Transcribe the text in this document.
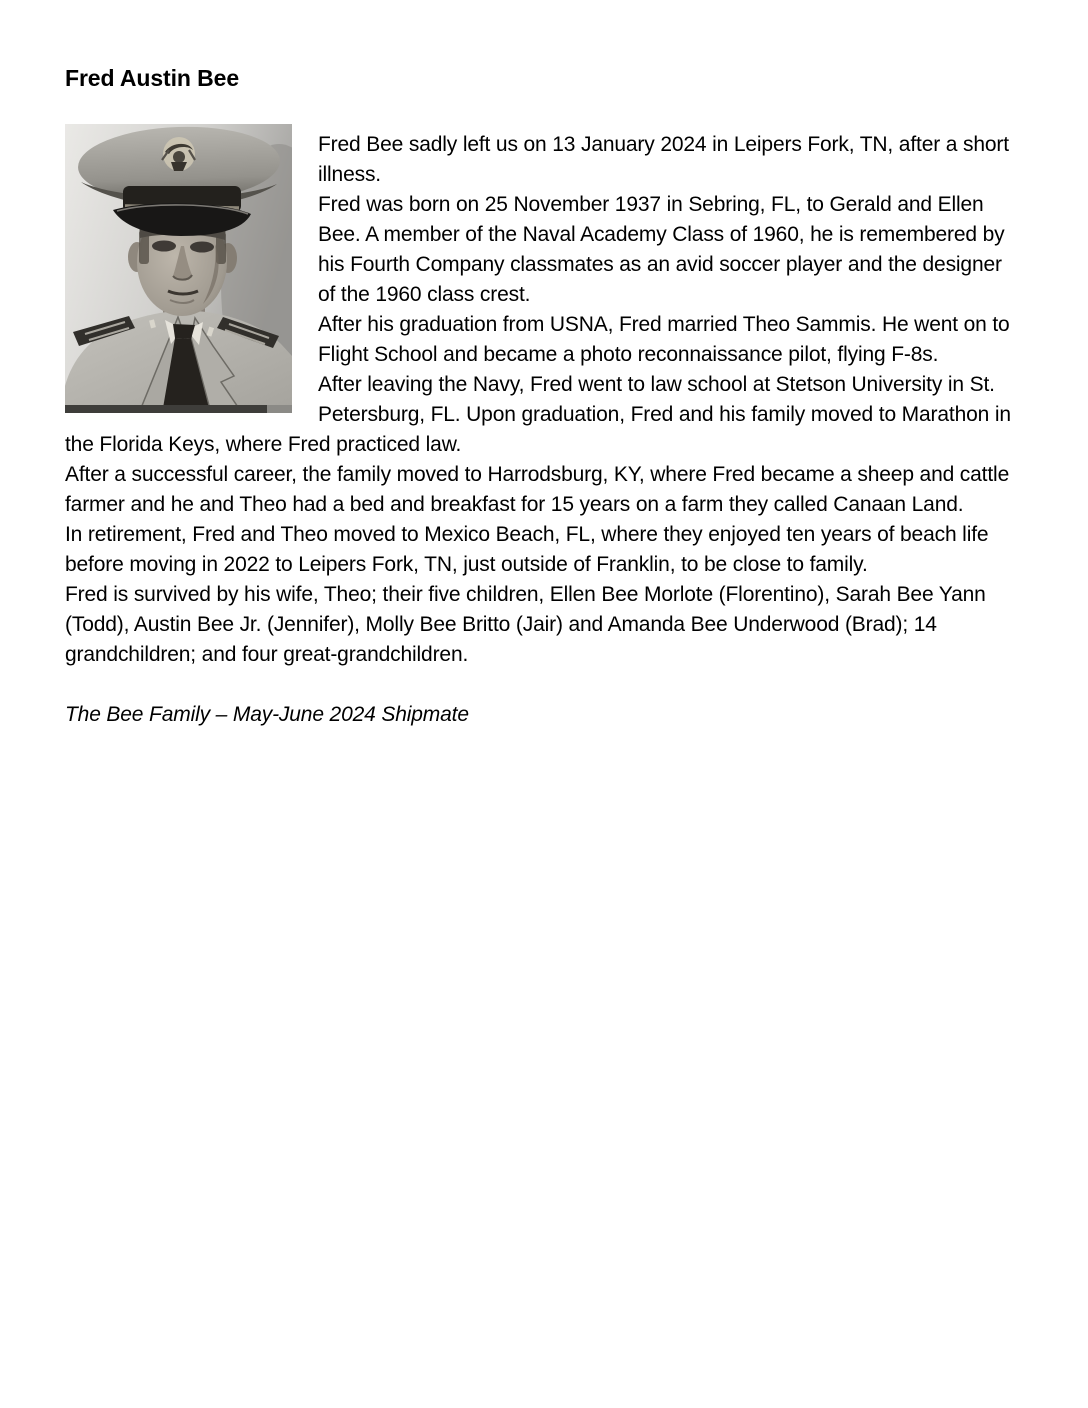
Fred Austin Bee

Fred Bee sadly left us on 13 January 2024 in Leipers Fork, TN, after a short illness.

Fred was born on 25 November 1937 in Sebring, FL, to Gerald and Ellen Bee. A member of the Naval Academy Class of 1960, he is remembered by his Fourth Company classmates as an avid soccer player and the designer of the 1960 class crest.

After his graduation from USNA, Fred married Theo Sammis. He went on to Flight School and became a photo reconnaissance pilot, flying F-8s.

After leaving the Navy, Fred went to law school at Stetson University in St. Petersburg, FL. Upon graduation, Fred and his family moved to Marathon in the Florida Keys, where Fred practiced law.

After a successful career, the family moved to Harrodsburg, KY, where Fred became a sheep and cattle farmer and he and Theo had a bed and breakfast for 15 years on a farm they called Canaan Land.

In retirement, Fred and Theo moved to Mexico Beach, FL, where they enjoyed ten years of beach life before moving in 2022 to Leipers Fork, TN, just outside of Franklin, to be close to family.

Fred is survived by his wife, Theo; their five children, Ellen Bee Morlote (Florentino), Sarah Bee Yann (Todd), Austin Bee Jr. (Jennifer), Molly Bee Britto (Jair) and Amanda Bee Underwood (Brad); 14 grandchildren; and four great-grandchildren.

The Bee Family – May-June 2024 Shipmate
